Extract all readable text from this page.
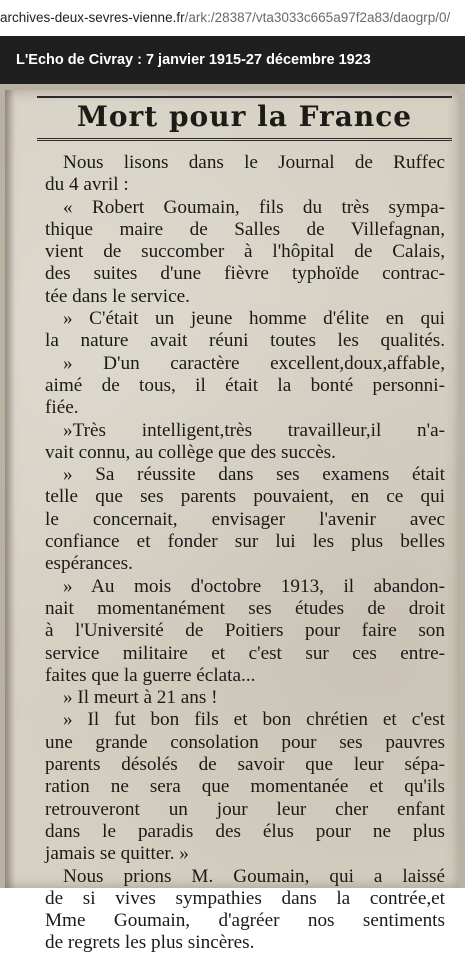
archives-deux-sevres-vienne.fr/ark:/28387/vta3033c665a97f2a83/daogrp/0/
L'Echo de Civray : 7 janvier 1915-27 décembre 1923
Mort pour la France
Nous lisons dans le Journal de Ruffec
du 4 avril :
« Robert Goumain, fils du très sympa-
thique maire de Salles de Villefagnan,
vient de succomber à l'hôpital de Calais,
des suites d'une fièvre typhoïde contrac-
tée dans le service.
» C'était un jeune homme d'élite en qui
la nature avait réuni toutes les qualités.
» D'un caractère excellent,doux,affable,
aimé de tous, il était la bonté personni-
fiée.
»Très intelligent,très travailleur,il n'a-
vait connu, au collège que des succès.
» Sa réussite dans ses examens était
telle que ses parents pouvaient, en ce qui
le concernait, envisager l'avenir avec
confiance et fonder sur lui les plus belles
espérances.
» Au mois d'octobre 1913, il abandon-
nait momentanément ses études de droit
à l'Université de Poitiers pour faire son
service militaire et c'est sur ces entre-
faites que la guerre éclata...
» Il meurt à 21 ans !
» Il fut bon fils et bon chrétien et c'est
une grande consolation pour ses pauvres
parents désolés de savoir que leur sépa-
ration ne sera que momentanée et qu'ils
retrouveront un jour leur cher enfant
dans le paradis des élus pour ne plus
jamais se quitter. »
Nous prions M. Goumain, qui a laissé
de si vives sympathies dans la contrée,et
Mme Goumain, d'agréer nos sentiments
de regrets les plus sincères.
